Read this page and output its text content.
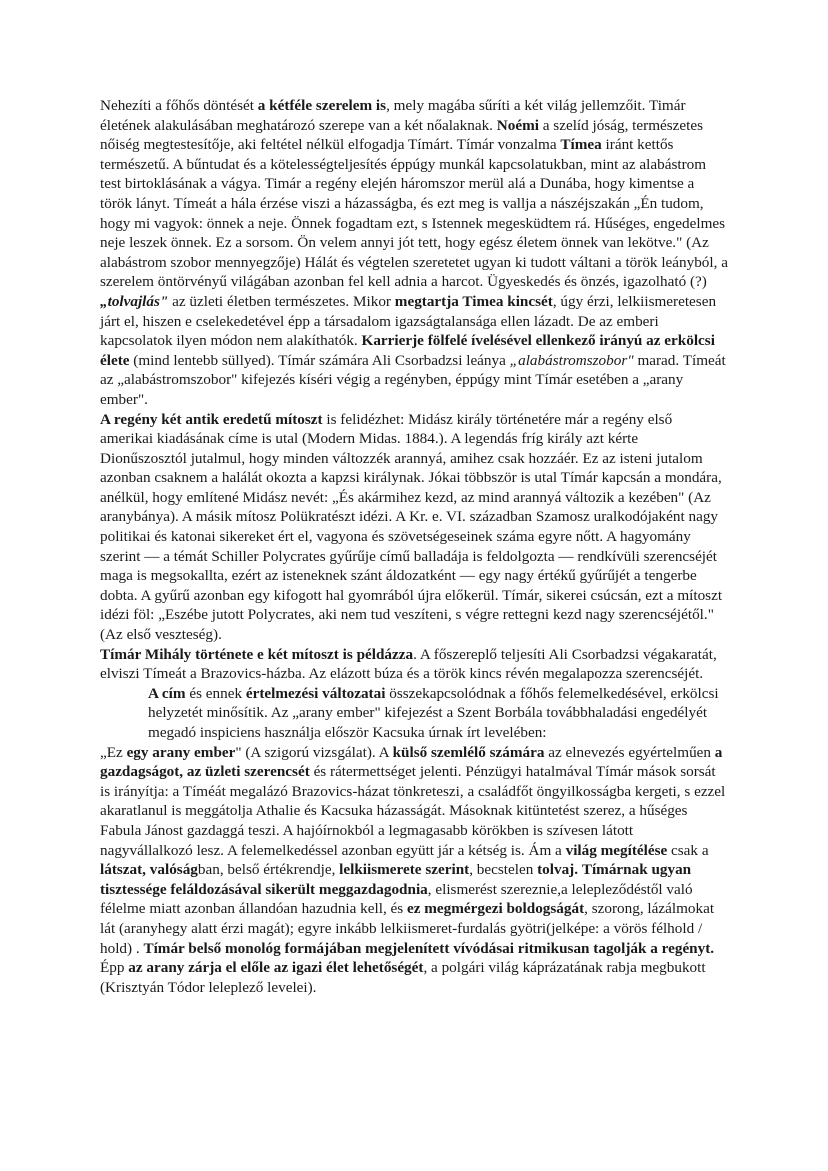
Nehezíti a főhős döntését a kétféle szerelem is, mely magába sűríti a két világ jellemzőit. Timár életének alakulásában meghatározó szerepe van a két nőalaknak. Noémi a szelíd jóság, természetes nőiség megtestesítője, aki feltétel nélkül elfogadja Tímárt. Tímár vonzalma Tímea iránt kettős természetű. A bűntudat és a kötelességteljesítés éppúgy munkál kapcsolatukban, mint az alabástrom test birtoklásának a vágya. Timár a regény elején háromszor merül alá a Dunába, hogy kimentse a török lányt. Tímeát a hála érzése viszi a házasságba, és ezt meg is vallja a nászéjszakán „Én tudom, hogy mi vagyok: önnek a neje. Önnek fogadtam ezt, s Istennek megesküdtem rá. Hűséges, engedelmes neje leszek önnek. Ez a sorsom. Ön velem annyi jót tett, hogy egész életem önnek van lekötve." (Az alabástrom szobor mennyegzője) Hálát és végtelen szeretetet ugyan ki tudott váltani a török leányból, a szerelem öntörvényű világában azonban fel kell adnia a harcot. Ügyeskedés és önzés, igazolható (?) „tolvajlás" az üzleti életben természetes. Mikor megtartja Timea kincsét, úgy érzi, lelkiismeretesen járt el, hiszen e cselekedetével épp a társadalom igazságtalansága ellen lázadt. De az emberi kapcsolatok ilyen módon nem alakíthatók. Karrierje fölfelé ívelésével ellenkező irányú az erkölcsi élete (mind lentebb süllyed). Tímár számára Ali Csorbadzsi leánya „alabástromszobor" marad. Tímeát az „alabástromszobor" kifejezés kíséri végig a regényben, éppúgy mint Tímár esetében a „arany ember".

A regény két antik eredetű mítoszt is felidézhet: Midász király történetére már a regény első amerikai kiadásának címe is utal (Modern Midas. 1884.). A legendás fríg király azt kérte Dionűszosztól jutalmul, hogy minden változzék arannyá, amihez csak hozzáér. Ez az isteni jutalom azonban csaknem a halálát okozta a kapzsi királynak. Jókai többször is utal Tímár kapcsán a mondára, anélkül, hogy említené Midász nevét: „És akármihez kezd, az mind arannyá változik a kezében" (Az aranybánya). A másik mítosz Polükratészt idézi. A Kr. e. VI. században Szamosz uralkodójaként nagy politikai és katonai sikereket ért el, vagyona és szövetségeseinek száma egyre nőtt. A hagyomány szerint — a témát Schiller Polycrates gyűrűje című balladája is feldolgozta — rendkívüli szerencséjét maga is megsokallta, ezért az isteneknek szánt áldozatként — egy nagy értékű gyűrűjét a tengerbe dobta. A gyűrű azonban egy kifogott hal gyomrából újra előkerül. Tímár, sikerei csúcsán, ezt a mítoszt idézi föl: „Eszébe jutott Polycrates, aki nem tud veszíteni, s végre rettegni kezd nagy szerencséjétől." (Az első veszteség).

Tímár Mihály története e két mítoszt is példázza. A főszereplő teljesíti Ali Csorbadzsi végakaratát, elviszi Tímeát a Brazovics-házba. Az elázott búza és a török kincs révén megalapozza szerencséjét.

A cím és ennek értelmezési változatai összekapcsolódnak a főhős felemelkedésével, erkölcsi helyzetét minősítik. Az „arany ember" kifejezést a Szent Borbála továbbhaladási engedélyét megadó inspiciens használja először Kacsuka úrnak írt levelében:

„Ez egy arany ember" (A szigorú vizsgálat). A külső szemlélő számára az elnevezés egyértelműen a gazdagságot, az üzleti szerencsét és rátermettséget jelenti. Pénzügyi hatalmával Tímár mások sorsát is irányítja: a Tíméát megalázó Brazovics-házat tönkreteszi, a családfőt öngyilkosságba kergeti, s ezzel akaratlanul is meggátolja Athalie és Kacsuka házasságát. Másoknak kitüntetést szerez, a hűséges Fabula Jánost gazdaggá teszi. A hajóírnokból a legmagasabb körökben is szívesen látott nagyvállalkozó lesz. A felemelkedéssel azonban együtt jár a kétség is. Ám a világ megítélése csak a látszat, valóságban, belső értékrendje, lelkiismerete szerint, becstelen tolvaj. Tímárnak ugyan tisztessége feláldozásával sikerült meggazdagodnia, elismerést szereznie,a lelepleződéstől való félelme miatt azonban állandóan hazudnia kell, és ez megmérgezi boldogságát, szorong, lázálmokat lát (aranyhegy alatt érzi magát); egyre inkább lelkiismeret-furdalás gyötri(jelképe: a vörös félhold / hold) . Tímár belső monológ formájában megjelenített vívódásai ritmikusan tagolják a regényt. Épp az arany zárja el előle az igazi élet lehetőségét, a polgári világ káprázatának rabja megbukott (Krisztyán Tódor leleplező levelei).
